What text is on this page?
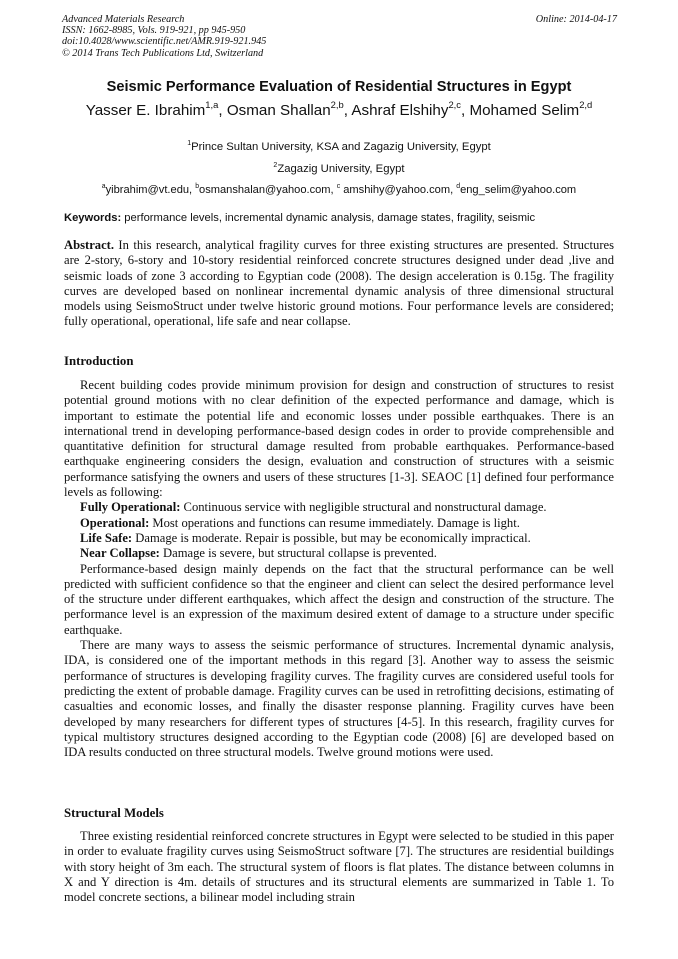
Advanced Materials Research
ISSN: 1662-8985, Vols. 919-921, pp 945-950
doi:10.4028/www.scientific.net/AMR.919-921.945
© 2014 Trans Tech Publications Ltd, Switzerland
Online: 2014-04-17
Seismic Performance Evaluation of Residential Structures in Egypt
Yasser E. Ibrahim$^{1,a}$, Osman Shallan$^{2,b}$, Ashraf Elshihy$^{2,c}$, Mohamed Selim$^{2,d}$
$^1$Prince Sultan University, KSA and Zagazig University, Egypt
$^2$Zagazig University, Egypt
$^a$yibrahim@vt.edu, $^b$osmanshalan@yahoo.com, $^c$ amshihy@yahoo.com, $^d$eng_selim@yahoo.com
Keywords: performance levels, incremental dynamic analysis, damage states, fragility, seismic

Abstract. In this research, analytical fragility curves for three existing structures are presented. Structures are 2-story, 6-story and 10-story residential reinforced concrete structures designed under dead ,live and seismic loads of zone 3 according to Egyptian code (2008). The design acceleration is 0.15g. The fragility curves are developed based on nonlinear incremental dynamic analysis of three dimensional structural models using SeismoStruct under twelve historic ground motions. Four performance levels are considered; fully operational, operational, life safe and near collapse.

Introduction

Recent building codes provide minimum provision for design and construction of structures to resist potential ground motions with no clear definition of the expected performance and damage, which is important to estimate the potential life and economic losses under possible earthquakes. There is an international trend in developing performance-based design codes in order to provide comprehensible and quantitative definition for structural damage resulted from probable earthquakes. Performance-based earthquake engineering considers the design, evaluation and construction of structures with a seismic performance satisfying the owners and users of these structures [1-3]. SEAOC [1] defined four performance levels as following:

Fully Operational: Continuous service with negligible structural and nonstructural damage.

Operational: Most operations and functions can resume immediately. Damage is light.

Life Safe: Damage is moderate. Repair is possible, but may be economically impractical.

Near Collapse: Damage is severe, but structural collapse is prevented.

Performance-based design mainly depends on the fact that the structural performance can be well predicted with sufficient confidence so that the engineer and client can select the desired performance level of the structure under different earthquakes, which affect the design and construction of the structure. The performance level is an expression of the maximum desired extent of damage to a structure under specific earthquake.

There are many ways to assess the seismic performance of structures. Incremental dynamic analysis, IDA, is considered one of the important methods in this regard [3]. Another way to assess the seismic performance of structures is developing fragility curves. The fragility curves are considered useful tools for predicting the extent of probable damage. Fragility curves can be used in retrofitting decisions, estimating of casualties and economic losses, and finally the disaster response planning. Fragility curves have been developed by many researchers for different types of structures [4-5]. In this research, fragility curves for typical multistory structures designed according to the Egyptian code (2008) [6] are developed based on IDA results conducted on three structural models. Twelve ground motions were used.

Structural Models

Three existing residential reinforced concrete structures in Egypt were selected to be studied in this paper in order to evaluate fragility curves using SeismoStruct software [7]. The structures are residential buildings with story height of 3m each. The structural system of floors is flat plates. The distance between columns in X and Y direction is 4m. details of structures and its structural elements are summarized in Table 1. To model concrete sections, a bilinear model including strain
